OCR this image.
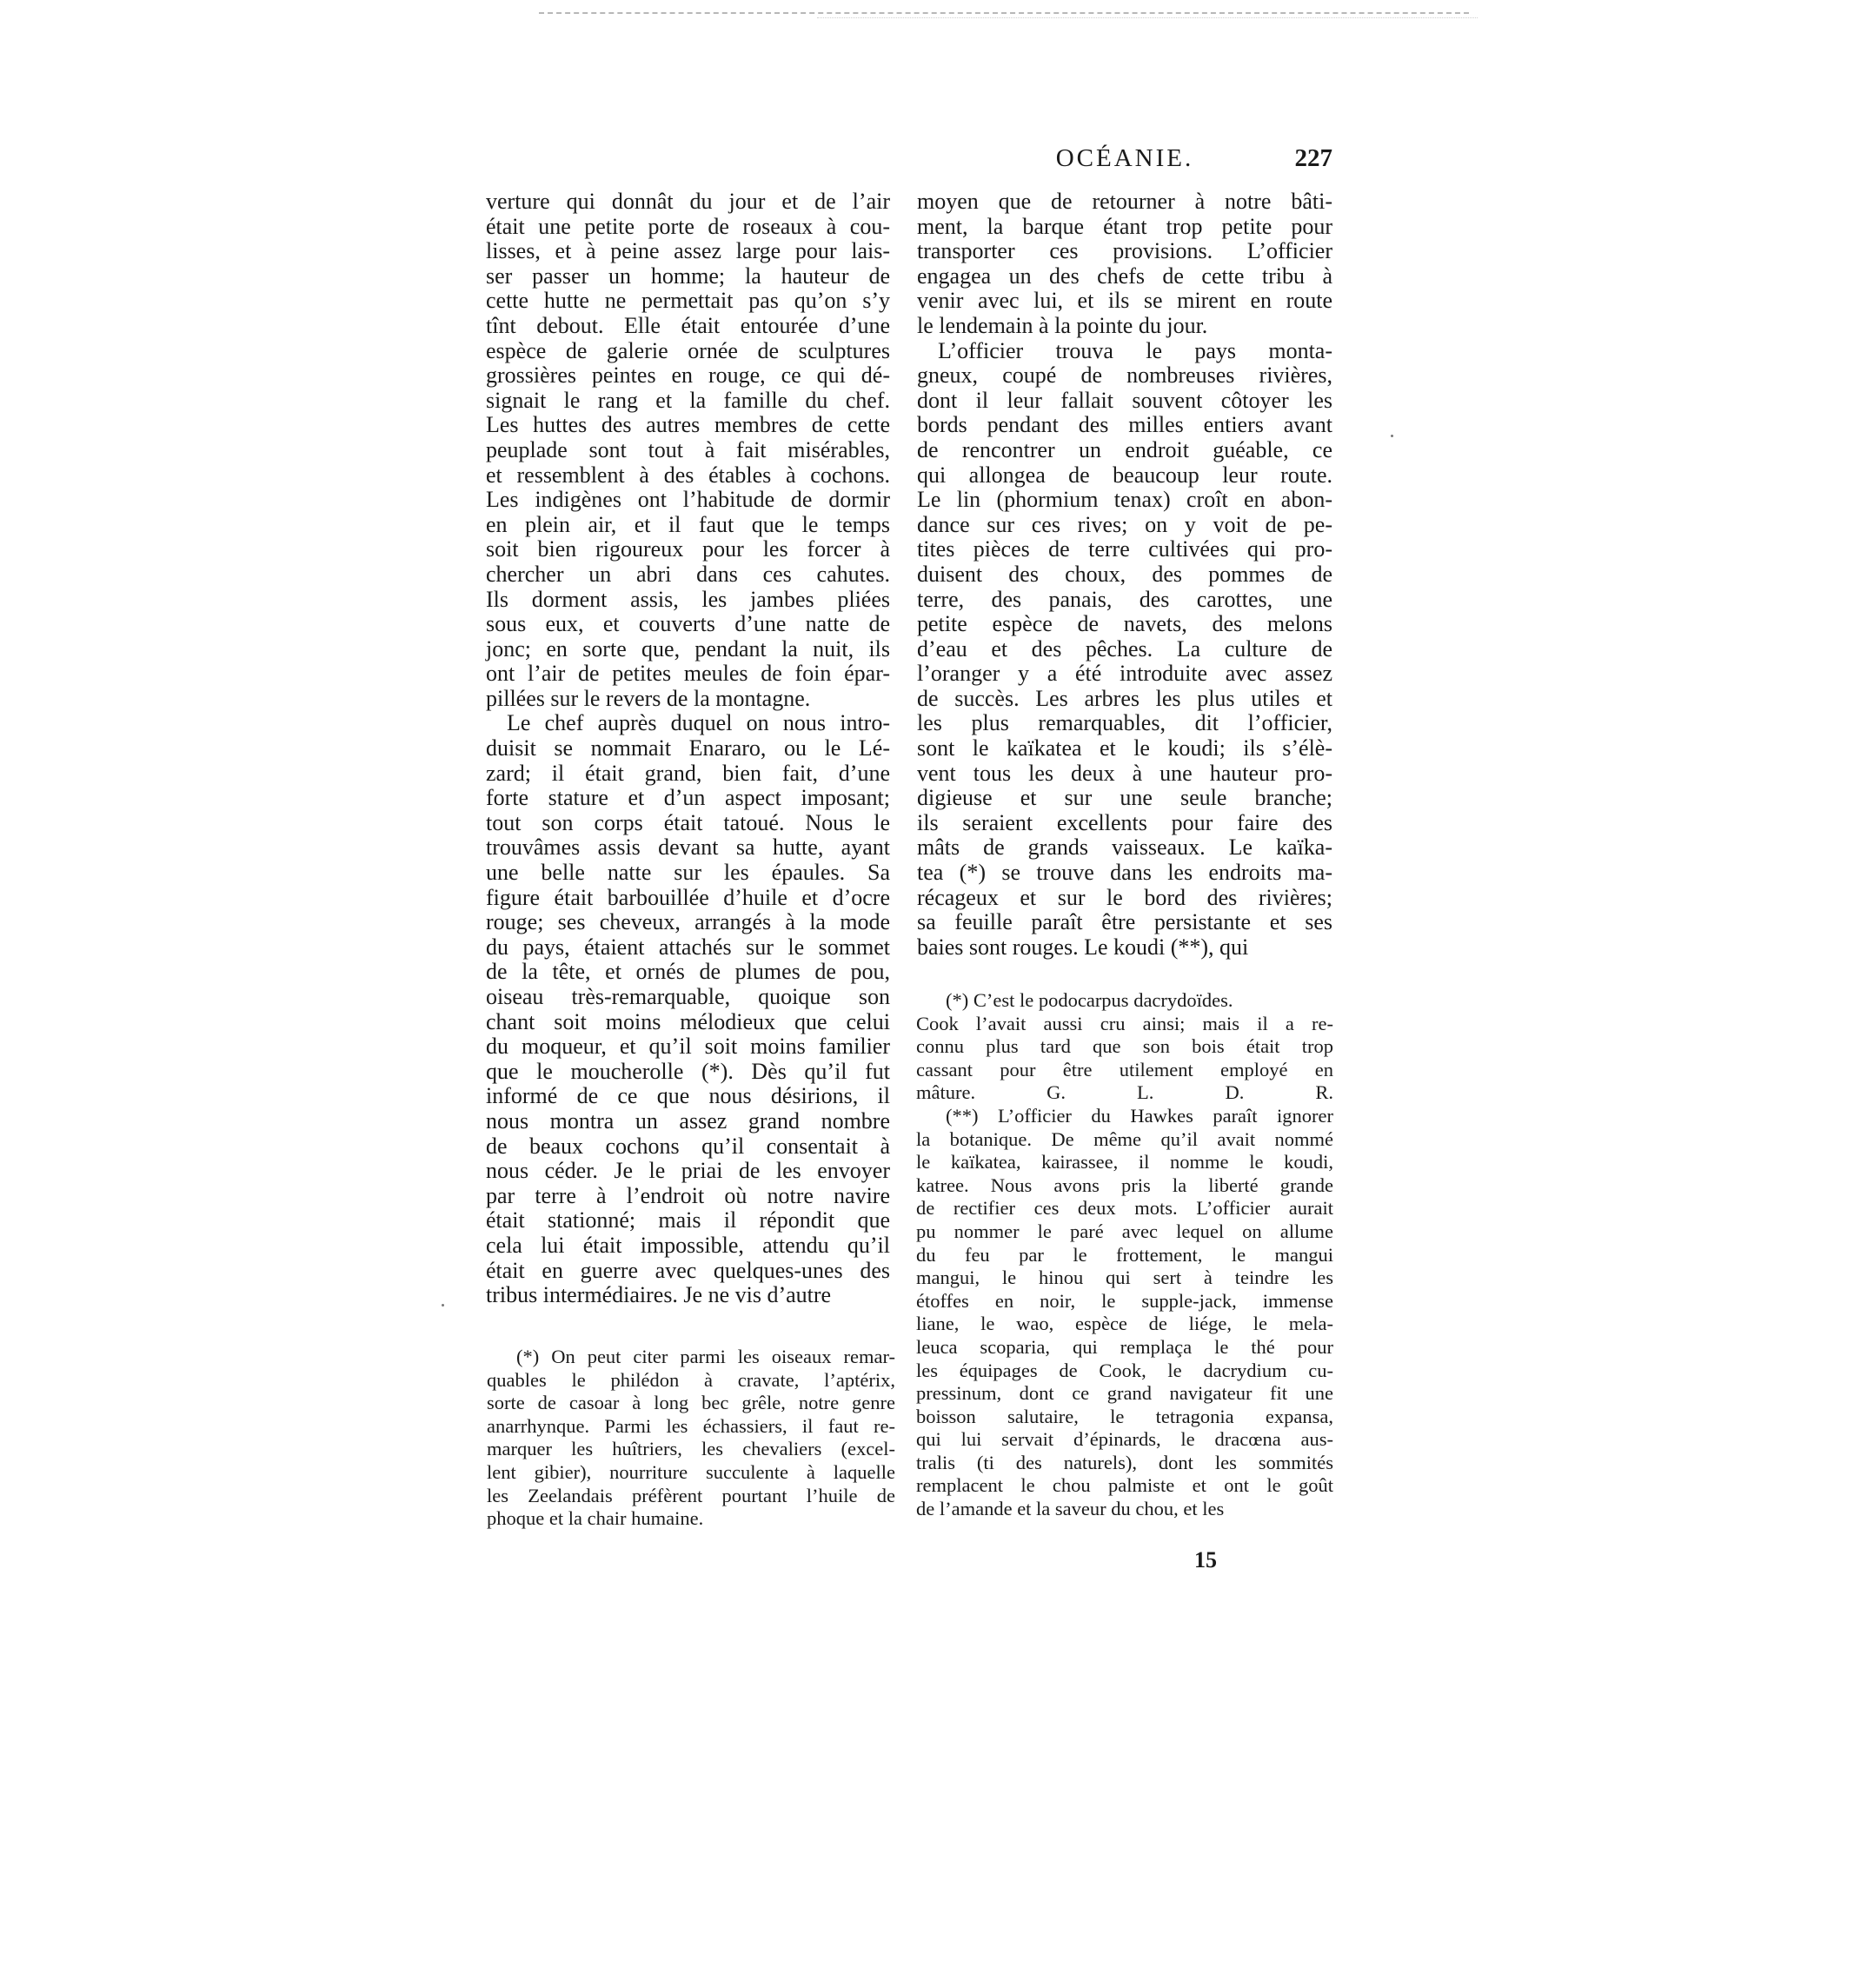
OCÉANIE.	227
verture qui donnât du jour et de l’air
était une petite porte de roseaux à cou-
lisses, et à peine assez large pour lais-
ser passer un homme; la hauteur de
cette hutte ne permettait pas qu’on s’y
tînt debout. Elle était entourée d’une
espèce de galerie ornée de sculptures
grossières peintes en rouge, ce qui dé-
signait le rang et la famille du chef.
Les huttes des autres membres de cette
peuplade sont tout à fait misérables,
et ressemblent à des étables à cochons.
Les indigènes ont l’habitude de dormir
en plein air, et il faut que le temps
soit bien rigoureux pour les forcer à
chercher un abri dans ces cahutes.
Ils dorment assis, les jambes pliées
sous eux, et couverts d’une natte de
jonc; en sorte que, pendant la nuit, ils
ont l’air de petites meules de foin épar-
pillées sur le revers de la montagne.
Le chef auprès duquel on nous intro-
duisit se nommait Enararo, ou le Lé-
zard; il était grand, bien fait, d’une
forte stature et d’un aspect imposant;
tout son corps était tatoué. Nous le
trouvâmes assis devant sa hutte, ayant
une belle natte sur les épaules. Sa
figure était barbouillée d’huile et d’ocre
rouge; ses cheveux, arrangés à la mode
du pays, étaient attachés sur le sommet
de la tête, et ornés de plumes de pou,
oiseau très-remarquable, quoique son
chant soit moins mélodieux que celui
du moqueur, et qu’il soit moins familier
que le moucherolle (*). Dès qu’il fut
informé de ce que nous désirions, il
nous montra un assez grand nombre
de beaux cochons qu’il consentait à
nous céder. Je le priai de les envoyer
par terre à l’endroit où notre navire
était stationné; mais il répondit que
cela lui était impossible, attendu qu’il
était en guerre avec quelques-unes des
tribus intermédiaires. Je ne vis d’autre
moyen que de retourner à notre bâti-
ment, la barque étant trop petite pour
transporter ces provisions. L’officier
engagea un des chefs de cette tribu à
venir avec lui, et ils se mirent en route
le lendemain à la pointe du jour.
L’officier trouva le pays monta-
gneux, coupé de nombreuses rivières,
dont il leur fallait souvent côtoyer les
bords pendant des milles entiers avant
de rencontrer un endroit guéable, ce
qui allongea de beaucoup leur route.
Le lin (phormium tenax) croît en abon-
dance sur ces rives; on y voit de pe-
tites pièces de terre cultivées qui pro-
duisent des choux, des pommes de
terre, des panais, des carottes, une
petite espèce de navets, des melons
d’eau et des pêches. La culture de
l’oranger y a été introduite avec assez
de succès. Les arbres les plus utiles et
les plus remarquables, dit l’officier,
sont le kaïkatea et le koudi; ils s’élè-
vent tous les deux à une hauteur pro-
digieuse et sur une seule branche;
ils seraient excellents pour faire des
mâts de grands vaisseaux. Le kaïka-
tea (*) se trouve dans les endroits ma-
récageux et sur le bord des rivières;
sa feuille paraît être persistante et ses
baies sont rouges. Le koudi (**), qui
(*) On peut citer parmi les oiseaux remar-
quables le philédon à cravate, l’aptérix,
sorte de casoar à long bec grêle, notre genre
anarrhynque. Parmi les échassiers, il faut re-
marquer les huîtriers, les chevaliers (excel-
lent gibier), nourriture succulente à laquelle
les Zeelandais préfèrent pourtant l’huile de
phoque et la chair humaine.
(*) C’est le podocarpus dacrydoïdes.
Cook l’avait aussi cru ainsi; mais il a re-
connu plus tard que son bois était trop
cassant pour être utilement employé en
mâture. G. L. D. R.
(**) L’officier du Hawkes paraît ignorer
la botanique. De même qu’il avait nommé
le kaïkatea, kairassee, il nomme le koudi,
katree. Nous avons pris la liberté grande
de rectifier ces deux mots. L’officier aurait
pu nommer le paré avec lequel on allume
du feu par le frottement, le mangui
mangui, le hinou qui sert à teindre les
étoffes en noir, le supple-jack, immense
liane, le wao, espèce de liége, le mela-
leuca scoparia, qui remplaça le thé pour
les équipages de Cook, le dacrydium cu-
pressinum, dont ce grand navigateur fit une
boisson salutaire, le tetragonia expansa,
qui lui servait d’épinards, le dracœna aus-
tralis (ti des naturels), dont les sommités
remplacent le chou palmiste et ont le goût
de l’amande et la saveur du chou, et les
15
